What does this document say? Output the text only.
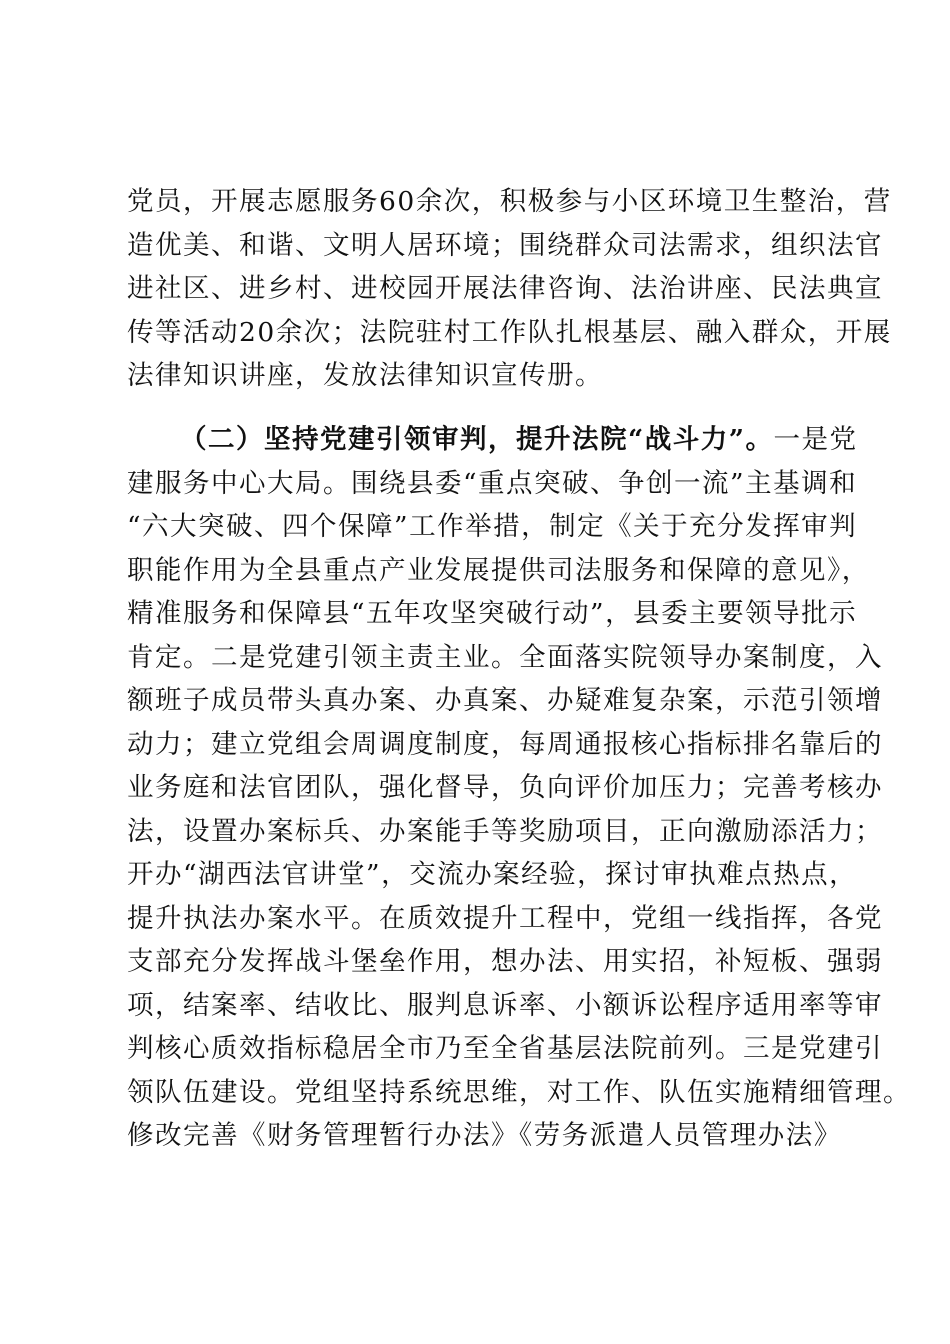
党员，开展志愿服务60余次，积极参与小区环境卫生整治，营
造优美、和谐、文明人居环境；围绕群众司法需求，组织法官
进社区、进乡村、进校园开展法律咨询、法治讲座、民法典宣
传等活动20余次；法院驻村工作队扎根基层、融入群众，开展
法律知识讲座，发放法律知识宣传册。
（二）坚持党建引领审判，提升法院“战斗力”。一是党
建服务中心大局。围绕县委“重点突破、争创一流”主基调和
“六大突破、四个保障”工作举措，制定《关于充分发挥审判
职能作用为全县重点产业发展提供司法服务和保障的意见》，
精准服务和保障县“五年攻坚突破行动”，县委主要领导批示
肯定。二是党建引领主责主业。全面落实院领导办案制度，入
额班子成员带头真办案、办真案、办疑难复杂案，示范引领增
动力；建立党组会周调度制度，每周通报核心指标排名靠后的
业务庭和法官团队，强化督导，负向评价加压力；完善考核办
法，设置办案标兵、办案能手等奖励项目，正向激励添活力；
开办“湖西法官讲堂”，交流办案经验，探讨审执难点热点，
提升执法办案水平。在质效提升工程中，党组一线指挥，各党
支部充分发挥战斗堡垒作用，想办法、用实招，补短板、强弱
项，结案率、结收比、服判息诉率、小额诉讼程序适用率等审
判核心质效指标稳居全市乃至全省基层法院前列。三是党建引
领队伍建设。党组坚持系统思维，对工作、队伍实施精细管理。
修改完善《财务管理暂行办法》《劳务派遣人员管理办法》
